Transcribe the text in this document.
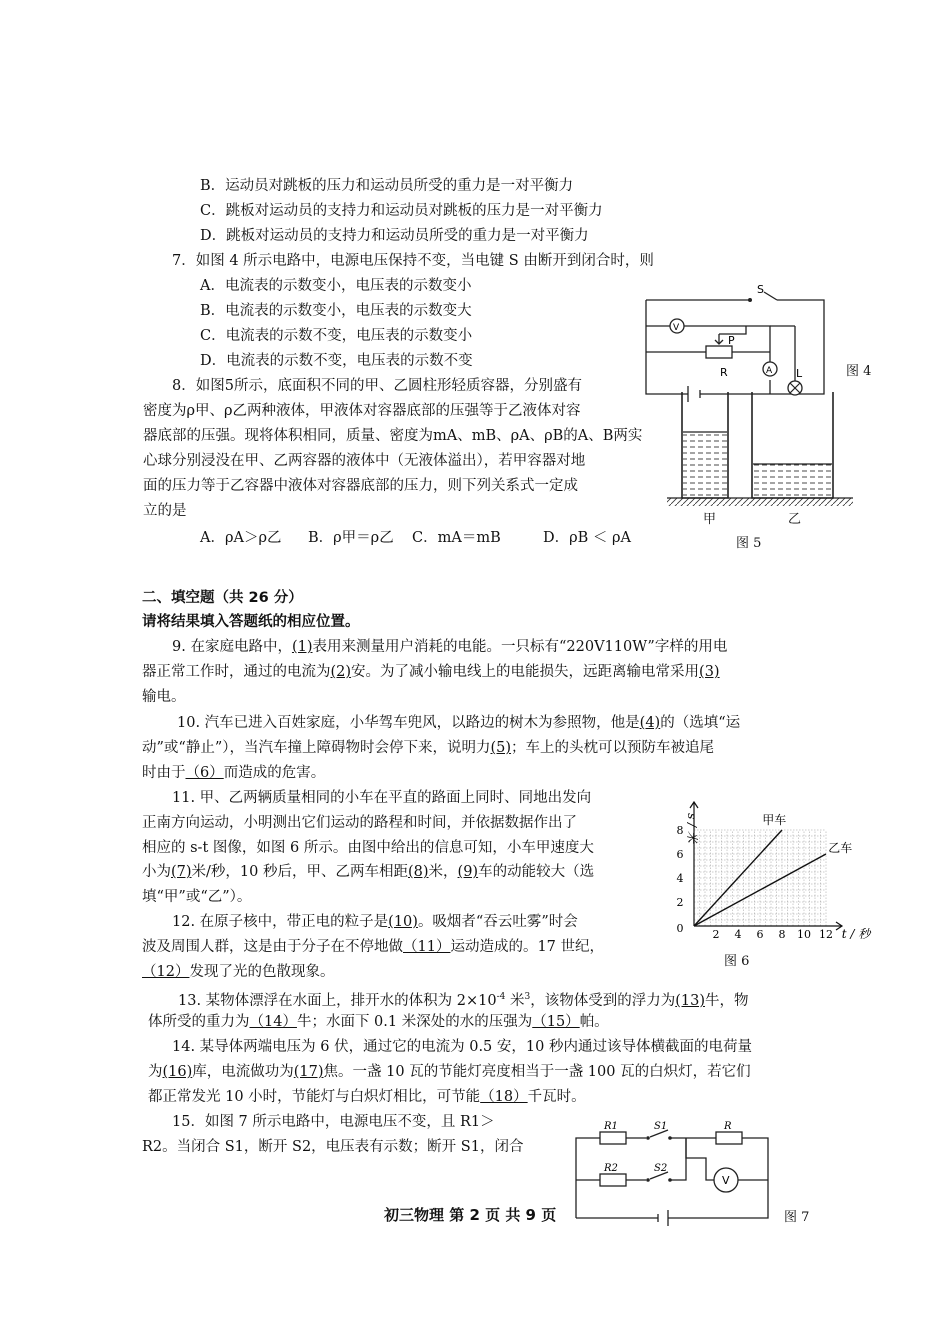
B．运动员对跳板的压力和运动员所受的重力是一对平衡力
C．跳板对运动员的支持力和运动员对跳板的压力是一对平衡力
D．跳板对运动员的支持力和运动员所受的重力是一对平衡力
7．如图 4 所示电路中，电源电压保持不变，当电键 S 由断开到闭合时，则
A．电流表的示数变小，电压表的示数变小
B．电流表的示数变小，电压表的示数变大
C．电流表的示数不变，电压表的示数变小
D．电流表的示数不变，电压表的示数不变
S
V
A
P
R	L	图 4
8．如图5所示，底面积不同的甲、乙圆柱形轻质容器，分别盛有
密度为ρ甲、ρ乙两种液体，甲液体对容器底部的压强等于乙液体对容
器底部的压强。现将体积相同，质量、密度为mA、mB、ρA、ρB的A、B两实
心球分别浸没在甲、乙两容器的液体中（无液体溢出），若甲容器对地
面的压力等于乙容器中液体对容器底部的压力，则下列关系式一定成
立的是
A．ρA＞ρ乙 B．ρ甲＝ρ乙 C．mA＝mB	D．ρB ＜ ρA
甲	乙
图 5
二、填空题（共 26 分）
请将结果填入答题纸的相应位置。
9. 在家庭电路中，(1)表用来测量用户消耗的电能。一只标有“220V110W”字样的用电
器正常工作时，通过的电流为(2)安。为了减小输电线上的电能损失，远距离输电常采用(3)
输电。
10. 汽车已进入百姓家庭，小华驾车兜风，以路边的树木为参照物，他是(4)的（选填“运
动”或“静止”），当汽车撞上障碍物时会停下来，说明力(5)；车上的头枕可以预防车被追尾
时由于（6）而造成的危害。
11. 甲、乙两辆质量相同的小车在平直的路面上同时、同地出发向
正南方向运动，小明测出它们运动的路程和时间，并依据数据作出了
相应的 s-t 图像，如图 6 所示。由图中给出的信息可知，小车甲速度大
小为(7)米/秒，10 秒后，甲、乙两车相距(8)米，(9)车的动能较大（选
填“甲”或“乙”）。
12. 在原子核中，带正电的粒子是(10)。吸烟者“吞云吐雾”时会
波及周围人群，这是由于分子在不停地做（11）运动造成的。17 世纪，
（12）发现了光的色散现象。
2 4 6 8 10 12
2
4
6
8
0	t / 秒
s / 米	甲车
乙车
图 6
13. 某物体漂浮在水面上，排开水的体积为 $2\times 10^{-4}$ 米$^3$，该物体受到的浮力为(13)牛，物
体所受的重力为（14）牛；水面下 0.1 米深处的水的压强为（15）帕。
14. 某导体两端电压为 6 伏，通过它的电流为 0.5 安，10 秒内通过该导体横截面的电荷量
为(16)库，电流做功为(17)焦。一盏 10 瓦的节能灯亮度相当于一盏 100 瓦的白炽灯，若它们
都正常发光 10 小时，节能灯与白炽灯相比，可节能（18）千瓦时。
15．如图 7 所示电路中，电源电压不变，且 R1＞
R2。当闭合 S1，断开 S2，电压表有示数；断开 S1，闭合
V
R1
R2
S1
S2
R
图 7
初三物理 第 2 页 共 9 页
